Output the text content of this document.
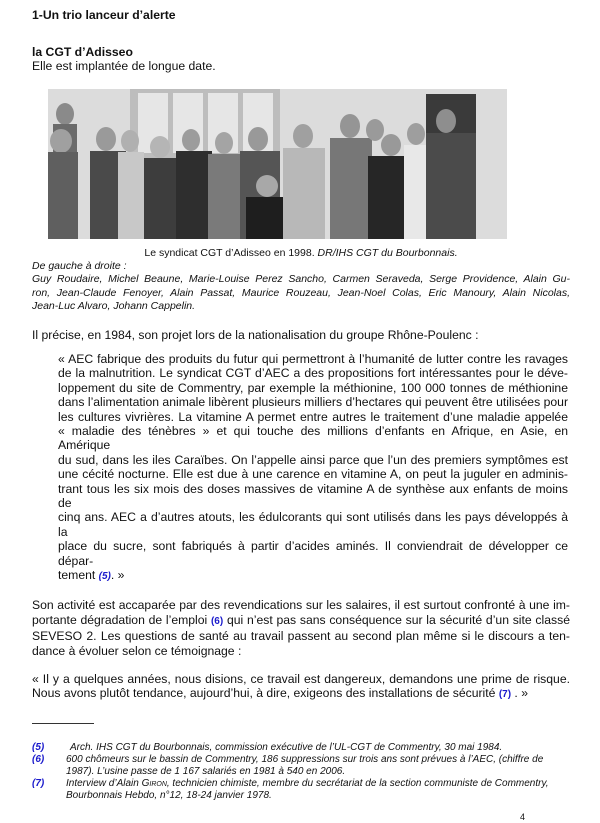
1-Un trio lanceur d’alerte
la CGT d’Adisseo
Elle est implantée de longue date.
Le syndicat CGT d’Adisseo en 1998. DR/IHS CGT du Bourbonnais.
De gauche à droite :
Guy Roudaire, Michel Beaune, Marie-Louise Perez Sancho, Carmen Seraveda, Serge Providence, Alain Gu-
ron, Jean-Claude Fenoyer, Alain Passat, Maurice Rouzeau, Jean-Noel Colas, Eric Manoury, Alain Nicolas,
Jean-Luc Alvaro, Johann Cappelin.
Il précise, en 1984, son projet lors de la nationalisation du groupe Rhône-Poulenc :
« AEC fabrique des produits du futur qui permettront à l’humanité de lutter contre les ravages
de la malnutrition. Le syndicat CGT d’AEC a des propositions fort intéressantes pour le déve-
loppement du site de Commentry, par exemple la méthionine, 100 000 tonnes de méthionine
dans l’alimentation animale libèrent plusieurs milliers d’hectares qui peuvent être utilisées pour
les cultures vivrières. La vitamine A permet entre autres le traitement d’une maladie appelée
« maladie des ténèbres » et qui touche des millions d’enfants en Afrique, en Asie, en Amérique
du sud, dans les iles Caraïbes. On l’appelle ainsi parce que l’un des premiers symptômes est
une cécité nocturne. Elle est due à une carence en vitamine A, on peut la juguler en adminis-
trant tous les six mois des doses massives de vitamine A de synthèse aux enfants de moins de
cinq ans. AEC a d’autres atouts, les édulcorants qui sont utilisés dans les pays développés à la
place du sucre, sont fabriqués à partir d’acides aminés. Il conviendrait de développer ce dépar-
tement (5). »
Son activité est accaparée par des revendications sur les salaires, il est surtout confronté à une im-
portante dégradation de l’emploi (6) qui n’est pas sans conséquence sur la sécurité d’un site classé
SEVESO 2. Les questions de santé au travail passent au second plan même si le discours a ten-
dance à évoluer selon ce témoignage :
« Il y a quelques années, nous disions, ce travail est dangereux, demandons une prime de risque.
Nous avons plutôt tendance, aujourd’hui, à dire, exigeons des installations de sécurité (7) . »
(5)	Arch. IHS CGT du Bourbonnais, commission exécutive de l’UL-CGT de Commentry, 30 mai 1984.
(6) 600 chômeurs sur le bassin de Commentry, 186 suppressions sur trois ans sont prévues à l’AEC, (chiffre de 1987). L’usine passe de 1 167 salariés en 1981 à 540 en 2006.
(7) Interview d’Alain Giron, technicien chimiste, membre du secrétariat de la section communiste de Commentry, Bourbonnais Hebdo, n°12, 18-24 janvier 1978.
4
